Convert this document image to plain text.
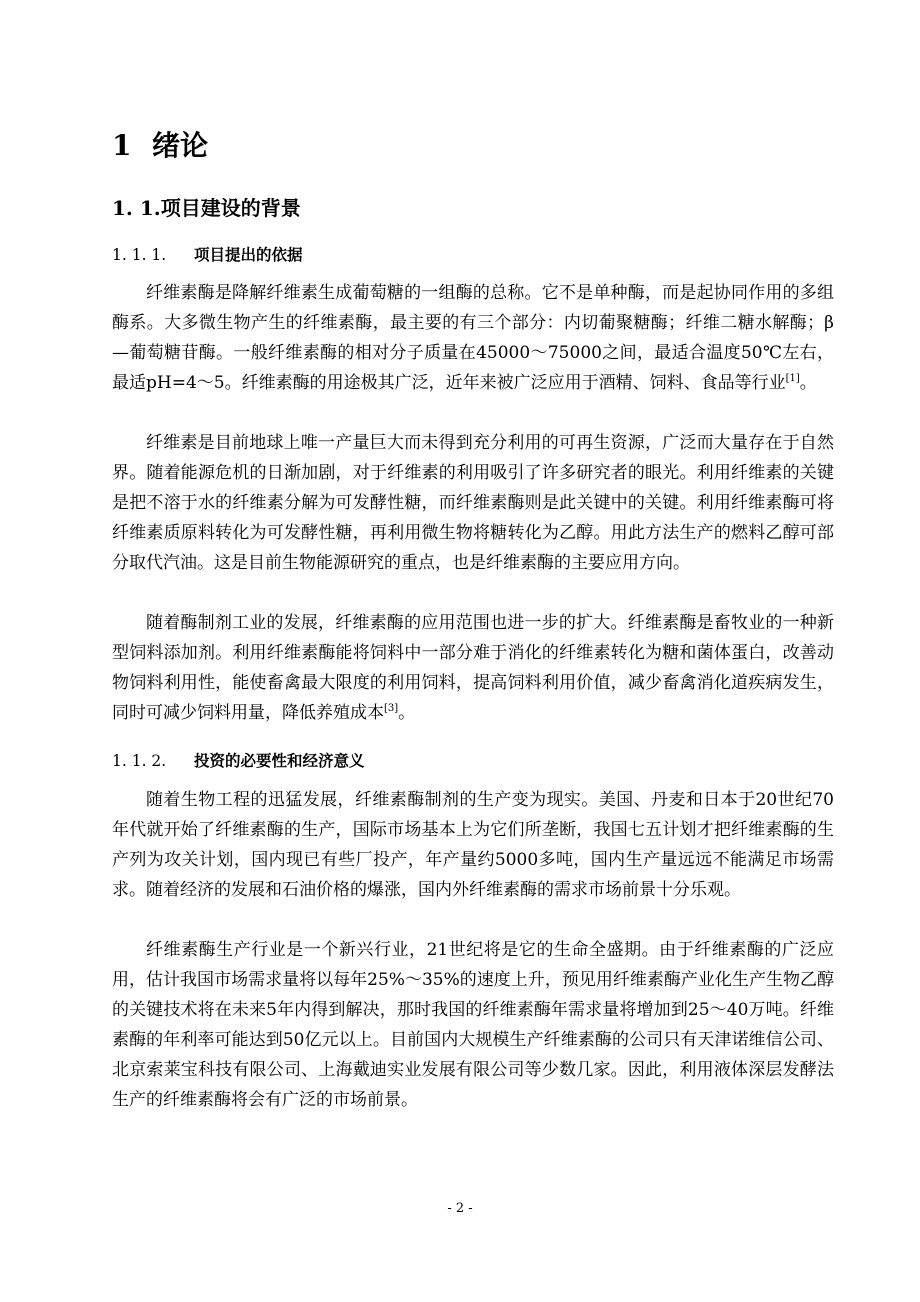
1 绪论
1. 1.项目建设的背景
1. 1. 1. 项目提出的依据

纤维素酶是降解纤维素生成葡萄糖的一组酶的总称。它不是单种酶，而是起协同作用的多组酶系。大多微生物产生的纤维素酶，最主要的有三个部分：内切葡聚糖酶；纤维二糖水解酶；β—葡萄糖苷酶。一般纤维素酶的相对分子质量在45000～75000之间，最适合温度50℃左右，最适pH=4～5。纤维素酶的用途极其广泛，近年来被广泛应用于酒精、饲料、食品等行业[1]。

纤维素是目前地球上唯一产量巨大而未得到充分利用的可再生资源，广泛而大量存在于自然界。随着能源危机的日渐加剧，对于纤维素的利用吸引了许多研究者的眼光。利用纤维素的关键是把不溶于水的纤维素分解为可发酵性糖，而纤维素酶则是此关键中的关键。利用纤维素酶可将纤维素质原料转化为可发酵性糖，再利用微生物将糖转化为乙醇。用此方法生产的燃料乙醇可部分取代汽油。这是目前生物能源研究的重点，也是纤维素酶的主要应用方向。

随着酶制剂工业的发展，纤维素酶的应用范围也进一步的扩大。纤维素酶是畜牧业的一种新型饲料添加剂。利用纤维素酶能将饲料中一部分难于消化的纤维素转化为糖和菌体蛋白，改善动物饲料利用性，能使畜禽最大限度的利用饲料，提高饲料利用价值，减少畜禽消化道疾病发生，同时可减少饲料用量，降低养殖成本[3]。

1. 1. 2. 投资的必要性和经济意义

随着生物工程的迅猛发展，纤维素酶制剂的生产变为现实。美国、丹麦和日本于20世纪70年代就开始了纤维素酶的生产，国际市场基本上为它们所垄断，我国七五计划才把纤维素酶的生产列为攻关计划，国内现已有些厂投产，年产量约5000多吨，国内生产量远远不能满足市场需求。随着经济的发展和石油价格的爆涨，国内外纤维素酶的需求市场前景十分乐观。

纤维素酶生产行业是一个新兴行业，21世纪将是它的生命全盛期。由于纤维素酶的广泛应用，估计我国市场需求量将以每年25%～35%的速度上升，预见用纤维素酶产业化生产生物乙醇的关键技术将在未来5年内得到解决，那时我国的纤维素酶年需求量将增加到25～40万吨。纤维素酶的年利率可能达到50亿元以上。目前国内大规模生产纤维素酶的公司只有天津诺维信公司、北京索莱宝科技有限公司、上海戴迪实业发展有限公司等少数几家。因此，利用液体深层发酵法生产的纤维素酶将会有广泛的市场前景。

- 2 -
